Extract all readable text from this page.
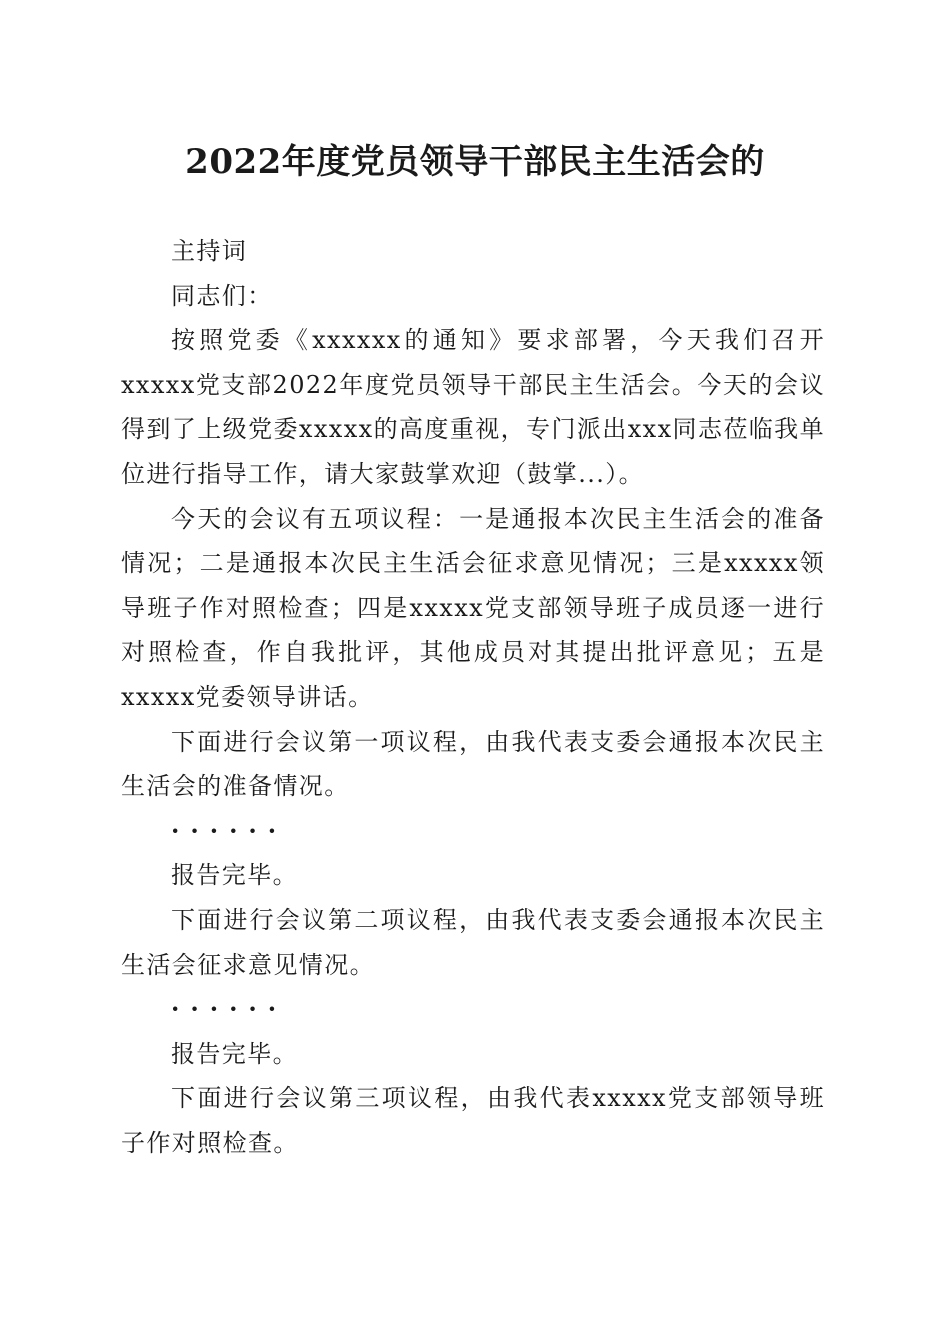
2022年度党员领导干部民主生活会的

主持词

同志们：

按照党委《xxxxxx的通知》要求部署，今天我们召开xxxxx党支部2022年度党员领导干部民主生活会。今天的会议得到了上级党委xxxxx的高度重视，专门派出xxx同志莅临我单位进行指导工作，请大家鼓掌欢迎（鼓掌...）。

今天的会议有五项议程：一是通报本次民主生活会的准备情况；二是通报本次民主生活会征求意见情况；三是xxxxx领导班子作对照检查；四是xxxxx党支部领导班子成员逐一进行对照检查，作自我批评，其他成员对其提出批评意见；五是xxxxx党委领导讲话。

下面进行会议第一项议程，由我代表支委会通报本次民主生活会的准备情况。

······

报告完毕。

下面进行会议第二项议程，由我代表支委会通报本次民主生活会征求意见情况。

······

报告完毕。

下面进行会议第三项议程，由我代表xxxxx党支部领导班子作对照检查。
